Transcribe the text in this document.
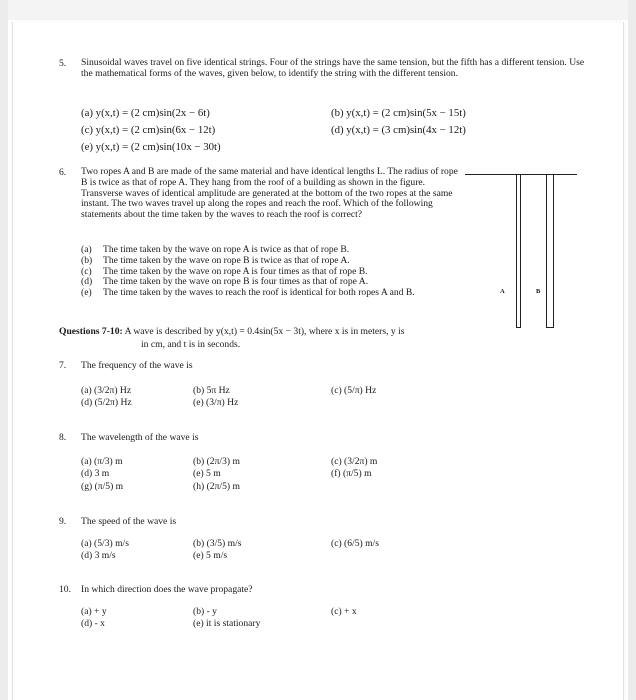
5. Sinusoidal waves travel on five identical strings. Four of the strings have the same tension, but the fifth has a different tension. Use the mathematical forms of the waves, given below, to identify the string with the different tension.
(a) y(x,t) = (2 cm)sin(2x − 6t)	(b) y(x,t) = (2 cm)sin(5x − 15t)
(c) y(x,t) = (2 cm)sin(6x − 12t)	(d) y(x,t) = (3 cm)sin(4x − 12t)
(e) y(x,t) = (2 cm)sin(10x − 30t)
6. Two ropes A and B are made of the same material and have identical lengths L. The radius of rope B is twice as that of rope A. They hang from the roof of a building as shown in the figure. Transverse waves of identical amplitude are generated at the bottom of the two ropes at the same instant. The two waves travel up along the ropes and reach the roof. Which of the following statements about the time taken by the waves to reach the roof is correct?
(a)	The time taken by the wave on rope A is twice as that of rope B.
(b)	The time taken by the wave on rope B is twice as that of rope A.
(c)	The time taken by the wave on rope A is four times as that of rope B.
(d)	The time taken by the wave on rope B is four times as that of rope A.
(e)	The time taken by the waves to reach the roof is identical for both ropes A and B.	A	B
Questions 7-10: A wave is described by y(x,t) = 0.4sin(5x − 3t), where x is in meters, y is
in cm, and t is in seconds.
7. The frequency of the wave is
(a) (3/2π) Hz	(b) 5π Hz	(c) (5/π) Hz
(d) (5/2π) Hz	(e) (3/π) Hz
8. The wavelength of the wave is
(a) (π/3) m	(b) (2π/3) m	(c) (3/2π) m
(d) 3 m	(e) 5 m	(f) (π/5) m
(g) (π/5) m	(h) (2π/5) m
9. The speed of the wave is
(a) (5/3) m/s	(b) (3/5) m/s	(c) (6/5) m/s
(d) 3 m/s	(e) 5 m/s
10. In which direction does the wave propagate?
(a) + y	(b) - y	(c) + x
(d) - x	(e) it is stationary
